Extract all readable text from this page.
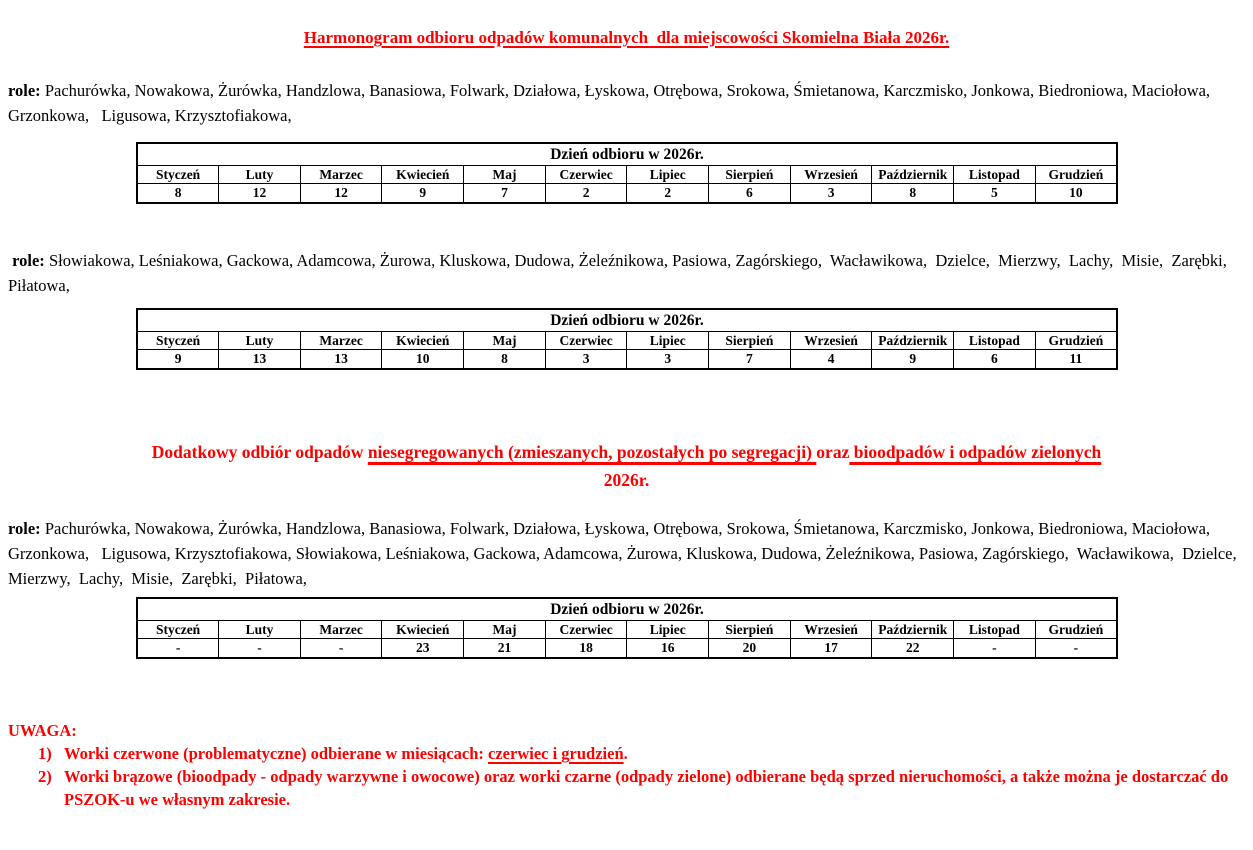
Harmonogram odbioru odpadów komunalnych  dla miejscowości Skomielna Biała 2026r.

role: Pachurówka, Nowakowa, Żurówka, Handzlowa, Banasiowa, Folwark, Działowa, Łyskowa, Otrębowa, Srokowa, Śmietanowa, Karczmisko, Jonkowa, Biedroniowa, Maciołowa, Grzonkowa,   Ligusowa, Krzysztofiakowa,

Dzień odbioru w 2026r.											
Styczeń	Luty	Marzec	Kwiecień	Maj	Czerwiec	Lipiec	Sierpień	Wrzesień	Październik	Listopad	Grudzień
8	12	12	9	7	2	2	6	3	8	5	10

role: Słowiakowa, Leśniakowa, Gackowa, Adamcowa, Żurowa, Kluskowa, Dudowa, Żeleźnikowa, Pasiowa, Zagórskiego,  Wacławikowa,  Dzielce,  Mierzwy,  Lachy,  Misie,  Zarębki,  Piłatowa,

Dzień odbioru w 2026r.											
Styczeń	Luty	Marzec	Kwiecień	Maj	Czerwiec	Lipiec	Sierpień	Wrzesień	Październik	Listopad	Grudzień
9	13	13	10	8	3	3	7	4	9	6	11
Dodatkowy odbiór odpadów niesegregowanych (zmieszanych, pozostałych po segregacji) oraz bioodpadów i odpadów zielonych
2026r.

role: Pachurówka, Nowakowa, Żurówka, Handzlowa, Banasiowa, Folwark, Działowa, Łyskowa, Otrębowa, Srokowa, Śmietanowa, Karczmisko, Jonkowa, Biedroniowa, Maciołowa, Grzonkowa,   Ligusowa, Krzysztofiakowa, Słowiakowa, Leśniakowa, Gackowa, Adamcowa, Żurowa, Kluskowa, Dudowa, Żeleźnikowa, Pasiowa, Zagórskiego,  Wacławikowa,  Dzielce,  Mierzwy,  Lachy,  Misie,  Zarębki,  Piłatowa,

Dzień odbioru w 2026r.											
Styczeń	Luty	Marzec	Kwiecień	Maj	Czerwiec	Lipiec	Sierpień	Wrzesień	Październik	Listopad	Grudzień
-	-	-	23	21	18	16	20	17	22	-	-
UWAGA:
1) Worki czerwone (problematyczne) odbierane w miesiącach: czerwiec i grudzień.
2) Worki brązowe (bioodpady - odpady warzywne i owocowe) oraz worki czarne (odpady zielone) odbierane będą sprzed nieruchomości, a także można je dostarczać do PSZOK-u we własnym zakresie.
